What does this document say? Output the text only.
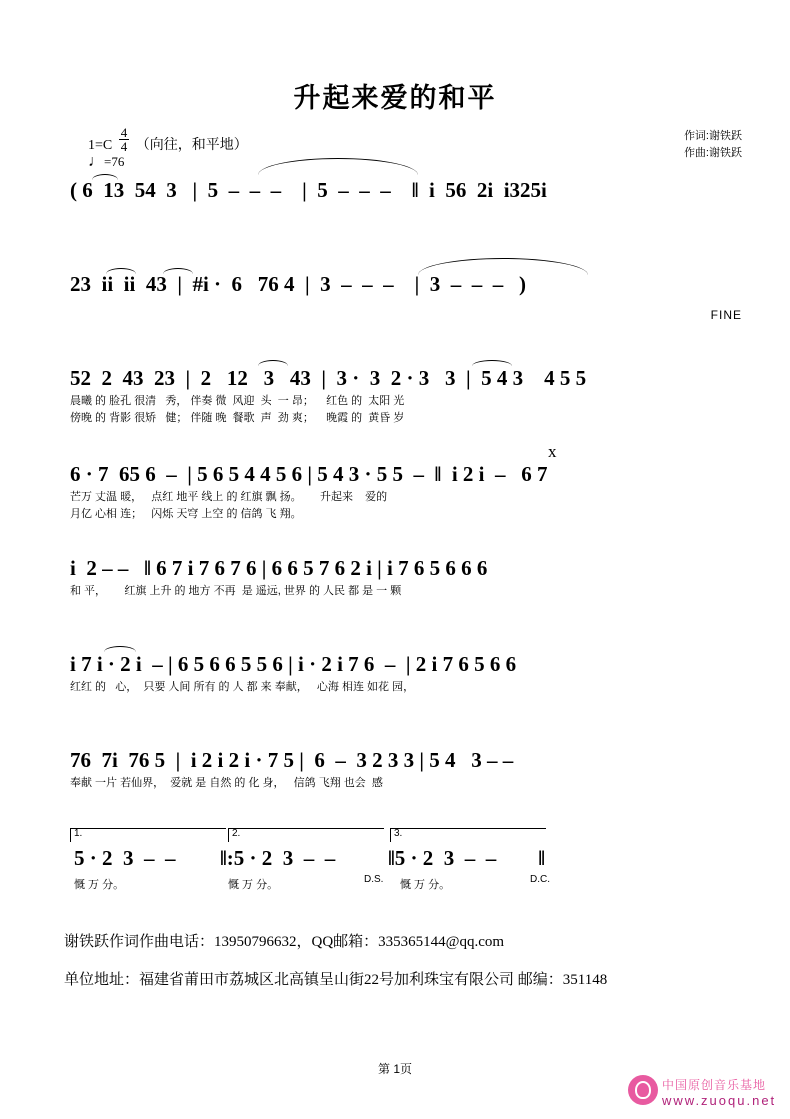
升起来爱的和平
$1=C \frac{4}{4}$ （向往，和平地）
♩=76
作词:谢铁跃
作曲:谢铁跃
( 6  13  54  3   |  5  –  –  –    |  5  –  –  –    ‖  i  56  2i  i325i
23  ii  ii  43  |  #i ·  6   76 4  |  3  –  –  –    |  3  –  –  –   )
FINE
52  2  43  23  |  2   12   3   43  |  3 ·  3  2 · 3   3  |  5 4 3    4 5 5
晨曦 的 脸孔 很清   秀， 伴奏 微  风迎  头  一 昂；    红色 的  太阳 光
傍晚 的 背影 很矫   健； 伴随 晚  餐歌  声  劲 爽；    晚霞 的  黄昏 岁
6 · 7  65 6  –  | 5 6 5 4 4 5 6 | 5 4 3 · 5 5  –  ‖  i 2 i  –   6 7
芒万 丈温 暖，   点红 地平 线上 的 红旗 飘 扬。      升起来    爱的
月亿 心相 连；   闪烁 天穹 上空 的 信鸽 飞 翔。
x
i  2 – –   ‖ 6 7 i 7 6 7 6 | 6 6 5 7 6 2 i | i 7 6 5 6 6 6
和 平，      红旗 上升 的 地方 不再  是 遥远, 世界 的 人民 都 是 一 颗
i 7 i · 2 i  – | 6 5 6 6 5 5 6 | i · 2 i 7 6  –  | 2 i 7 6 5 6 6
红红 的   心，  只要 人间 所有 的 人 都 来 奉献，   心海 相连 如花 园，
76  7i  76 5  |  i 2 i 2 i · 7 5 |  6  –  3 2 3 3 | 5 4   3 – –
奉献 一片 若仙界，  爱就 是 自然 的 化 身，   信鸽 飞翔 也会  感
1.	2.	3.
5 · 2  3  –  – ‖:5 · 2  3  –  –	‖5 · 2  3  –  –        ‖
慨 万 分。	慨 万 分。	慨 万 分。
D.S.	D.C.
谢铁跃作词作曲电话：13950796632，QQ邮箱：335365144@qq.com
单位地址：福建省莆田市荔城区北高镇呈山街22号加利珠宝有限公司 邮编：351148
第 1页
中国原创音乐基地
www.zuoqu.net
